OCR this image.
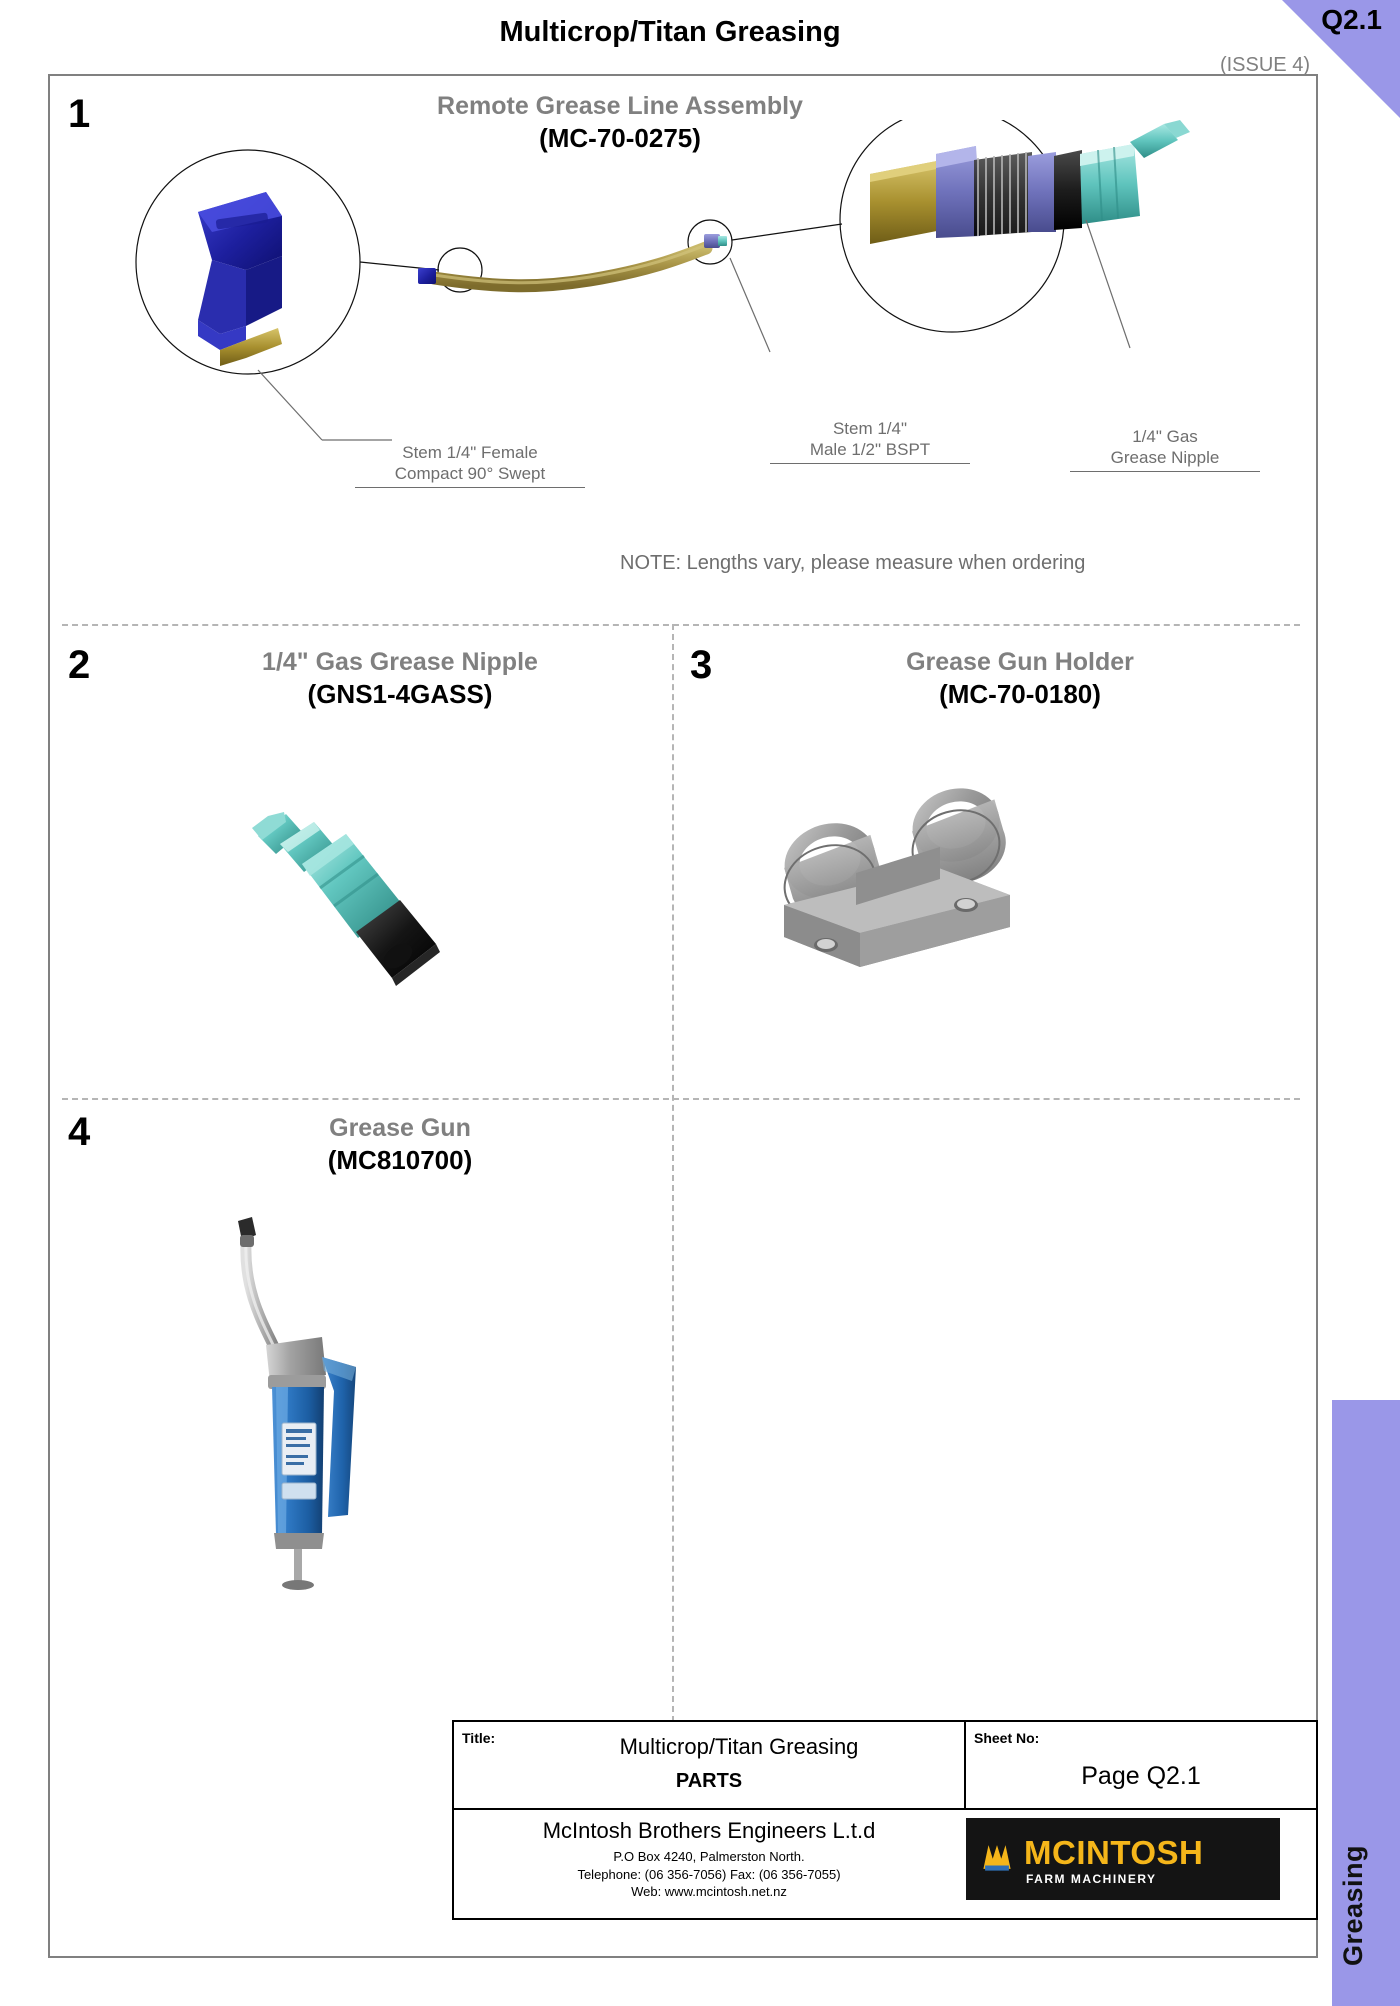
Multicrop/Titan Greasing
(ISSUE 4)
1	Remote Grease Line Assembly
(MC-70-0275)
Stem 1/4" Female
Compact 90° Swept
Stem 1/4"
Male 1/2" BSPT
1/4" Gas
Grease Nipple
NOTE: Lengths vary, please measure when ordering
2	1/4" Gas Grease Nipple
(GNS1-4GASS)
3	Grease Gun Holder
(MC-70-0180)
4	Grease Gun
(MC810700)
Title:	Multicrop/Titan Greasing
PARTS
Sheet No:
Page Q2.1
McIntosh Brothers Engineers L.t.d
P.O Box 4240, Palmerston North.
Telephone: (06 356-7056) Fax: (06 356-7055)
Web: www.mcintosh.net.nz
MCINTOSH
FARM MACHINERY	Greasing
Q2.1
